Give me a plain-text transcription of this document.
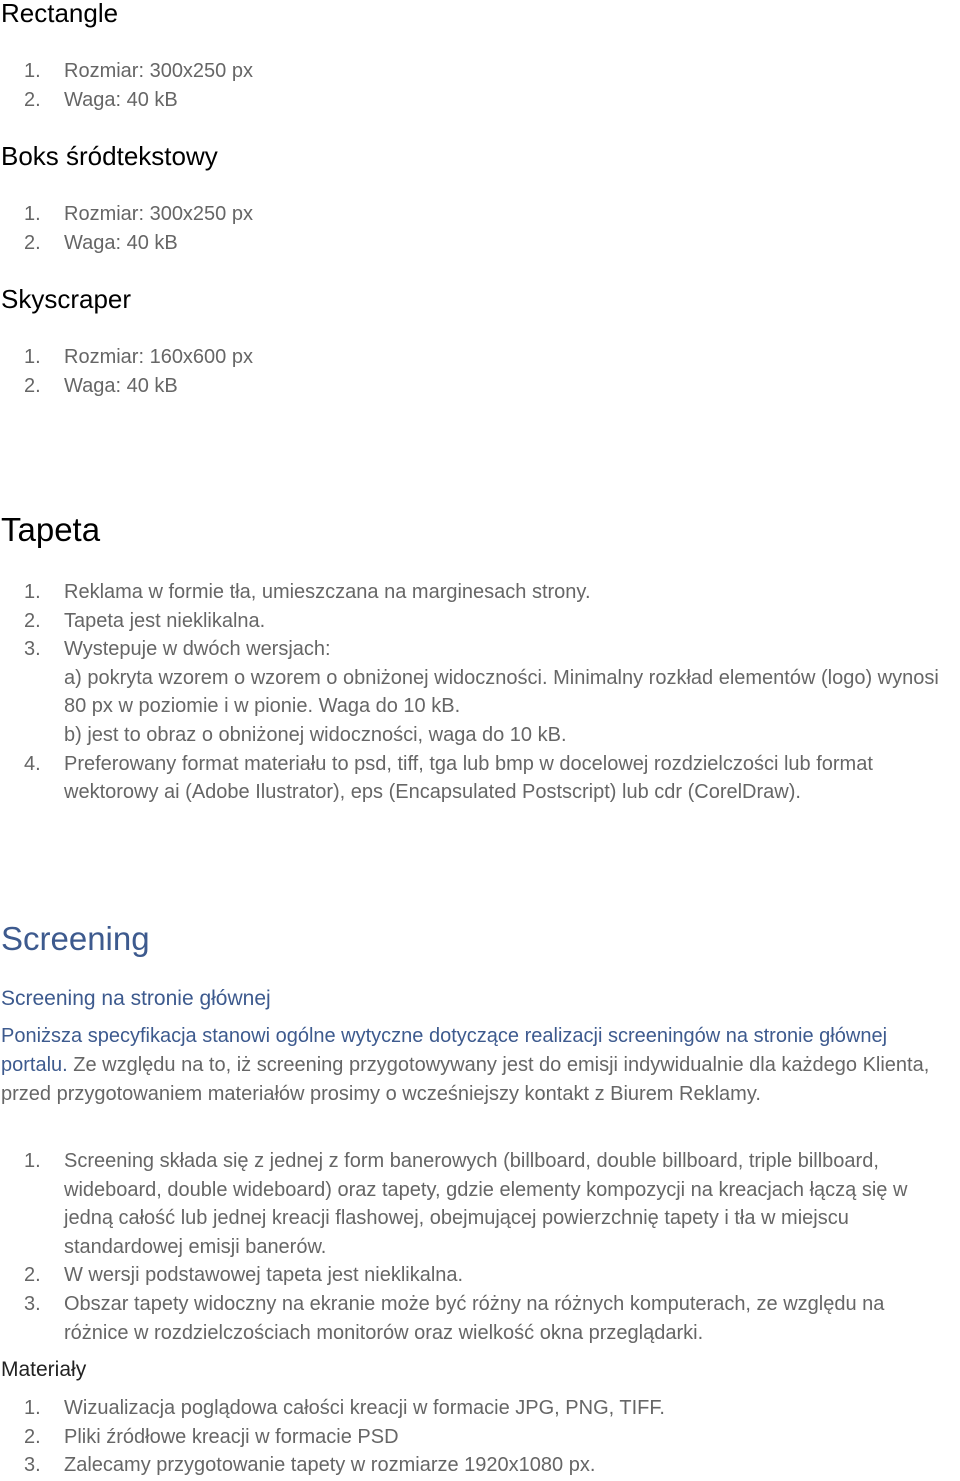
Rectangle
1. Rozmiar: 300x250 px
2. Waga: 40 kB
Boks śródtekstowy
1. Rozmiar: 300x250 px
2. Waga: 40 kB
Skyscraper
1. Rozmiar: 160x600 px
2. Waga: 40 kB
Tapeta
1. Reklama w formie tła, umieszczana na marginesach strony.
2. Tapeta jest nieklikalna.
3. Wystepuje w dwóch wersjach:
a) pokryta wzorem o wzorem o obniżonej widoczności. Minimalny rozkład elementów (logo) wynosi 80 px w poziomie i w pionie. Waga do 10 kB.
b) jest to obraz o obniżonej widoczności, waga do 10 kB.
4. Preferowany format materiału to psd, tiff, tga lub bmp w docelowej rozdzielczości lub format wektorowy ai (Adobe Ilustrator), eps (Encapsulated Postscript) lub cdr (CorelDraw).
Screening
Screening na stronie głównej

Poniższa specyfikacja stanowi ogólne wytyczne dotyczące realizacji screeningów na stronie głównej portalu. Ze względu na to, iż screening przygotowywany jest do emisji indywidualnie dla każdego Klienta, przed przygotowaniem materiałów prosimy o wcześniejszy kontakt z Biurem Reklamy.

1. Screening składa się z jednej z form banerowych (billboard, double billboard, triple billboard, wideboard, double wideboard) oraz tapety, gdzie elementy kompozycji na kreacjach łączą się w jedną całość lub jednej kreacji flashowej, obejmującej powierzchnię tapety i tła w miejscu standardowej emisji banerów.
2. W wersji podstawowej tapeta jest nieklikalna.
3. Obszar tapety widoczny na ekranie może być różny na różnych komputerach, ze względu na różnice w rozdzielczościach monitorów oraz wielkość okna przeglądarki.
Materiały
1. Wizualizacja poglądowa całości kreacji w formacie JPG, PNG, TIFF.
2. Pliki źródłowe kreacji w formacie PSD
3. Zalecamy przygotowanie tapety w rozmiarze 1920x1080 px.
